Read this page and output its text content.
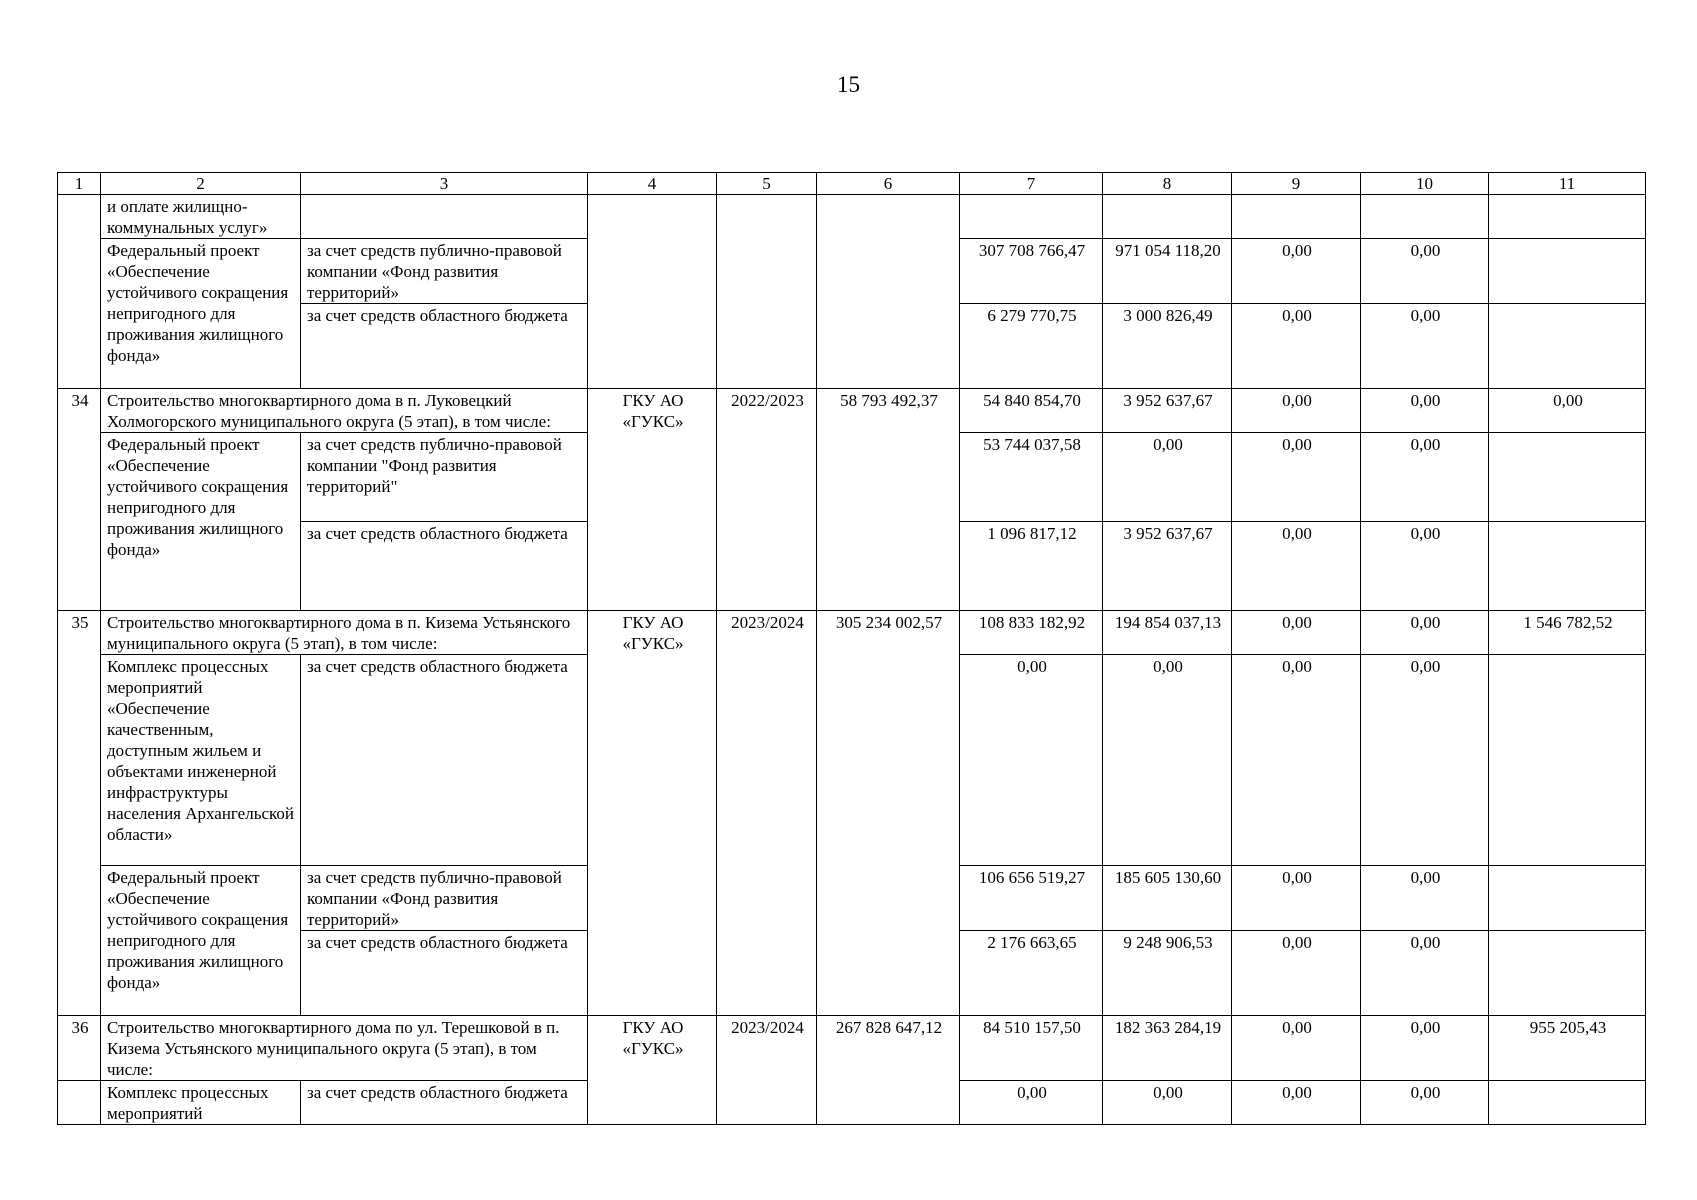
15
1	2	3	4	5	6	7	8	9	10	11
	и оплате жилищно-коммунальных услуг»									
	Федеральный проект «Обеспечение устойчивого сокращения непригодного для проживания жилищного фонда»	за счет средств публично-правовой компании «Фонд развития территорий»				307 708 766,47	971 054 118,20	0,00	0,00	
		за счет средств областного бюджета				6 279 770,75	3 000 826,49	0,00	0,00	
34	Строительство многоквартирного дома в п. Луковецкий Холмогорского муниципального округа (5 этап), в том числе:		ГКУ АО «ГУКС»	2022/2023	58 793 492,37	54 840 854,70	3 952 637,67	0,00	0,00	0,00
	Федеральный проект «Обеспечение устойчивого сокращения непригодного для проживания жилищного фонда»	за счет средств публично-правовой компании "Фонд развития территорий"				53 744 037,58	0,00	0,00	0,00	
		за счет средств областного бюджета				1 096 817,12	3 952 637,67	0,00	0,00	
35	Строительство многоквартирного дома в п. Кизема Устьянского муниципального округа (5 этап), в том числе:		ГКУ АО «ГУКС»	2023/2024	305 234 002,57	108 833 182,92	194 854 037,13	0,00	0,00	1 546 782,52
	Комплекс процессных мероприятий «Обеспечение качественным, доступным жильем и объектами инженерной инфраструктуры населения Архангельской области»	за счет средств областного бюджета				0,00	0,00	0,00	0,00	
	Федеральный проект «Обеспечение устойчивого сокращения непригодного для проживания жилищного фонда»	за счет средств публично-правовой компании «Фонд развития территорий»				106 656 519,27	185 605 130,60	0,00	0,00	
		за счет средств областного бюджета				2 176 663,65	9 248 906,53	0,00	0,00	
36	Строительство многоквартирного дома по ул. Терешковой в п. Кизема Устьянского муниципального округа (5 этап), в том числе:		ГКУ АО «ГУКС»	2023/2024	267 828 647,12	84 510 157,50	182 363 284,19	0,00	0,00	955 205,43
	Комплекс процессных мероприятий	за счет средств областного бюджета				0,00	0,00	0,00	0,00	
